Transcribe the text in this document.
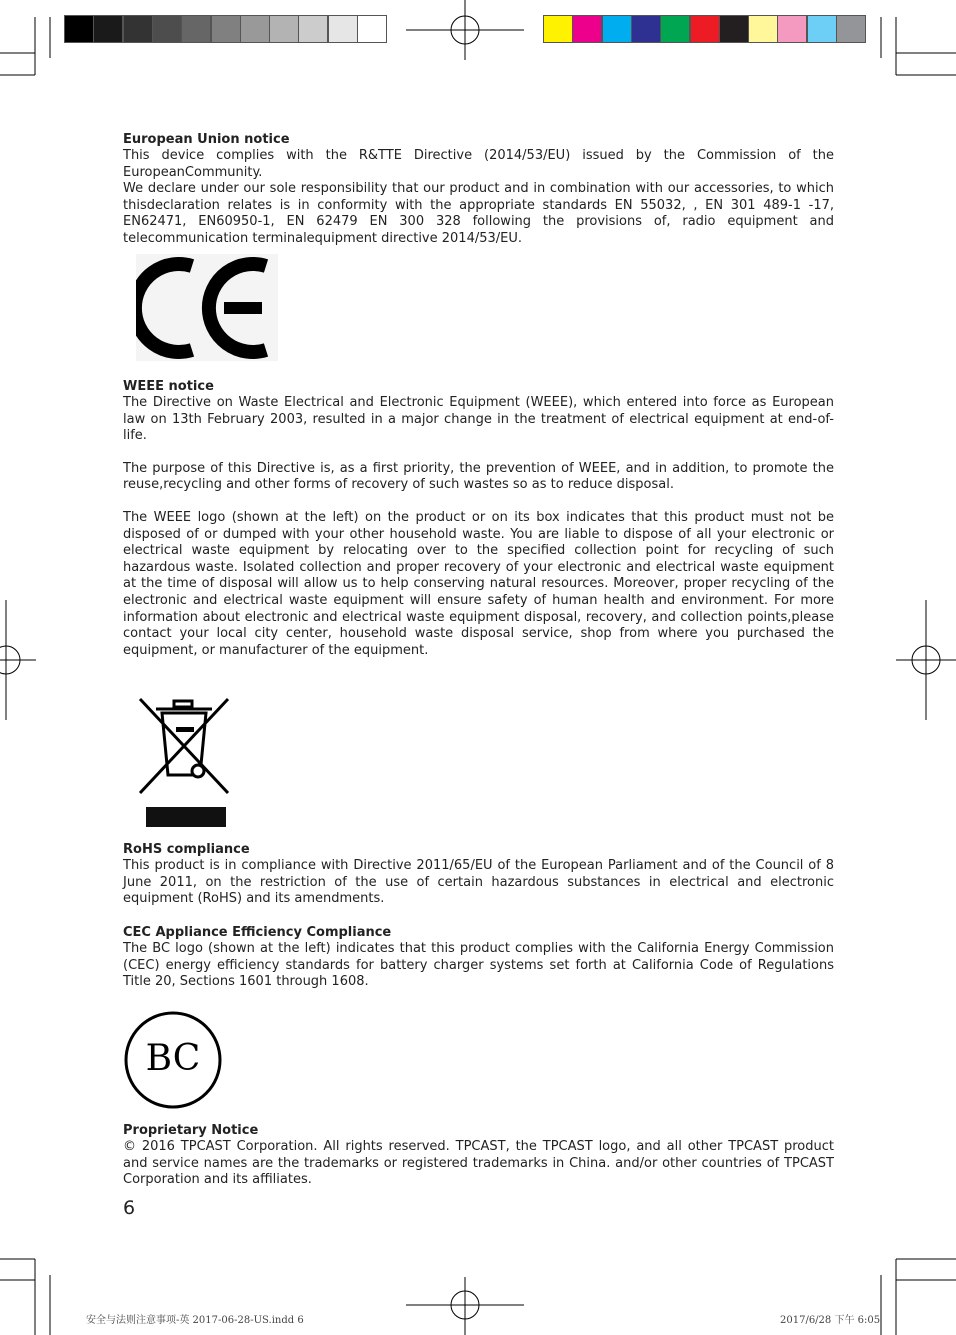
European Union notice

This device complies with the R&TTE Directive (2014/53/EU) issued by the Commission of the EuropeanCommunity.

We declare under our sole responsibility that our product and in combination with our accessories, to which thisdeclaration relates is in conformity with the appropriate standards EN 55032, , EN 301 489-1 -17, EN62471, EN60950-1, EN 62479 EN 300 328 following the provisions of, radio equipment and telecommunication terminalequipment directive 2014/53/EU.

WEEE notice

The Directive on Waste Electrical and Electronic Equipment (WEEE), which entered into force as European law on 13th February 2003, resulted in a major change in the treatment of electrical equipment at end-of-life.

The purpose of this Directive is, as a first priority, the prevention of WEEE, and in addition, to promote the reuse,recycling and other forms of recovery of such wastes so as to reduce disposal.

The WEEE logo (shown at the left) on the product or on its box indicates that this product must not be disposed of or dumped with your other household waste. You are liable to dispose of all your electronic or electrical waste equipment by relocating over to the specified collection point for recycling of such hazardous waste. Isolated collection and proper recovery of your electronic and electrical waste equipment at the time of disposal will allow us to help conserving natural resources. Moreover, proper recycling of the electronic and electrical waste equipment will ensure safety of human health and environment. For more information about electronic and electrical waste equipment disposal, recovery, and collection points,please contact your local city center, household waste disposal service, shop from where you purchased the equipment, or manufacturer of the equipment.

RoHS compliance

This product is in compliance with Directive 2011/65/EU of the European Parliament and of the Council of 8 June 2011, on the restriction of the use of certain hazardous substances in electrical and electronic equipment (RoHS) and its amendments.

CEC Appliance Efficiency Compliance

The BC logo (shown at the left) indicates that this product complies with the California Energy Commission (CEC) energy efficiency standards for battery charger systems set forth at California Code of Regulations Title 20, Sections 1601 through 1608.

BC
Proprietary Notice

© 2016 TPCAST Corporation. All rights reserved. TPCAST, the TPCAST logo, and all other TPCAST product and service names are the trademarks or registered trademarks in China. and/or other countries of TPCAST Corporation and its affiliates.

6
安全与法则注意事项-英 2017-06-28-US.indd 6	2017/6/28 下午 6:05
